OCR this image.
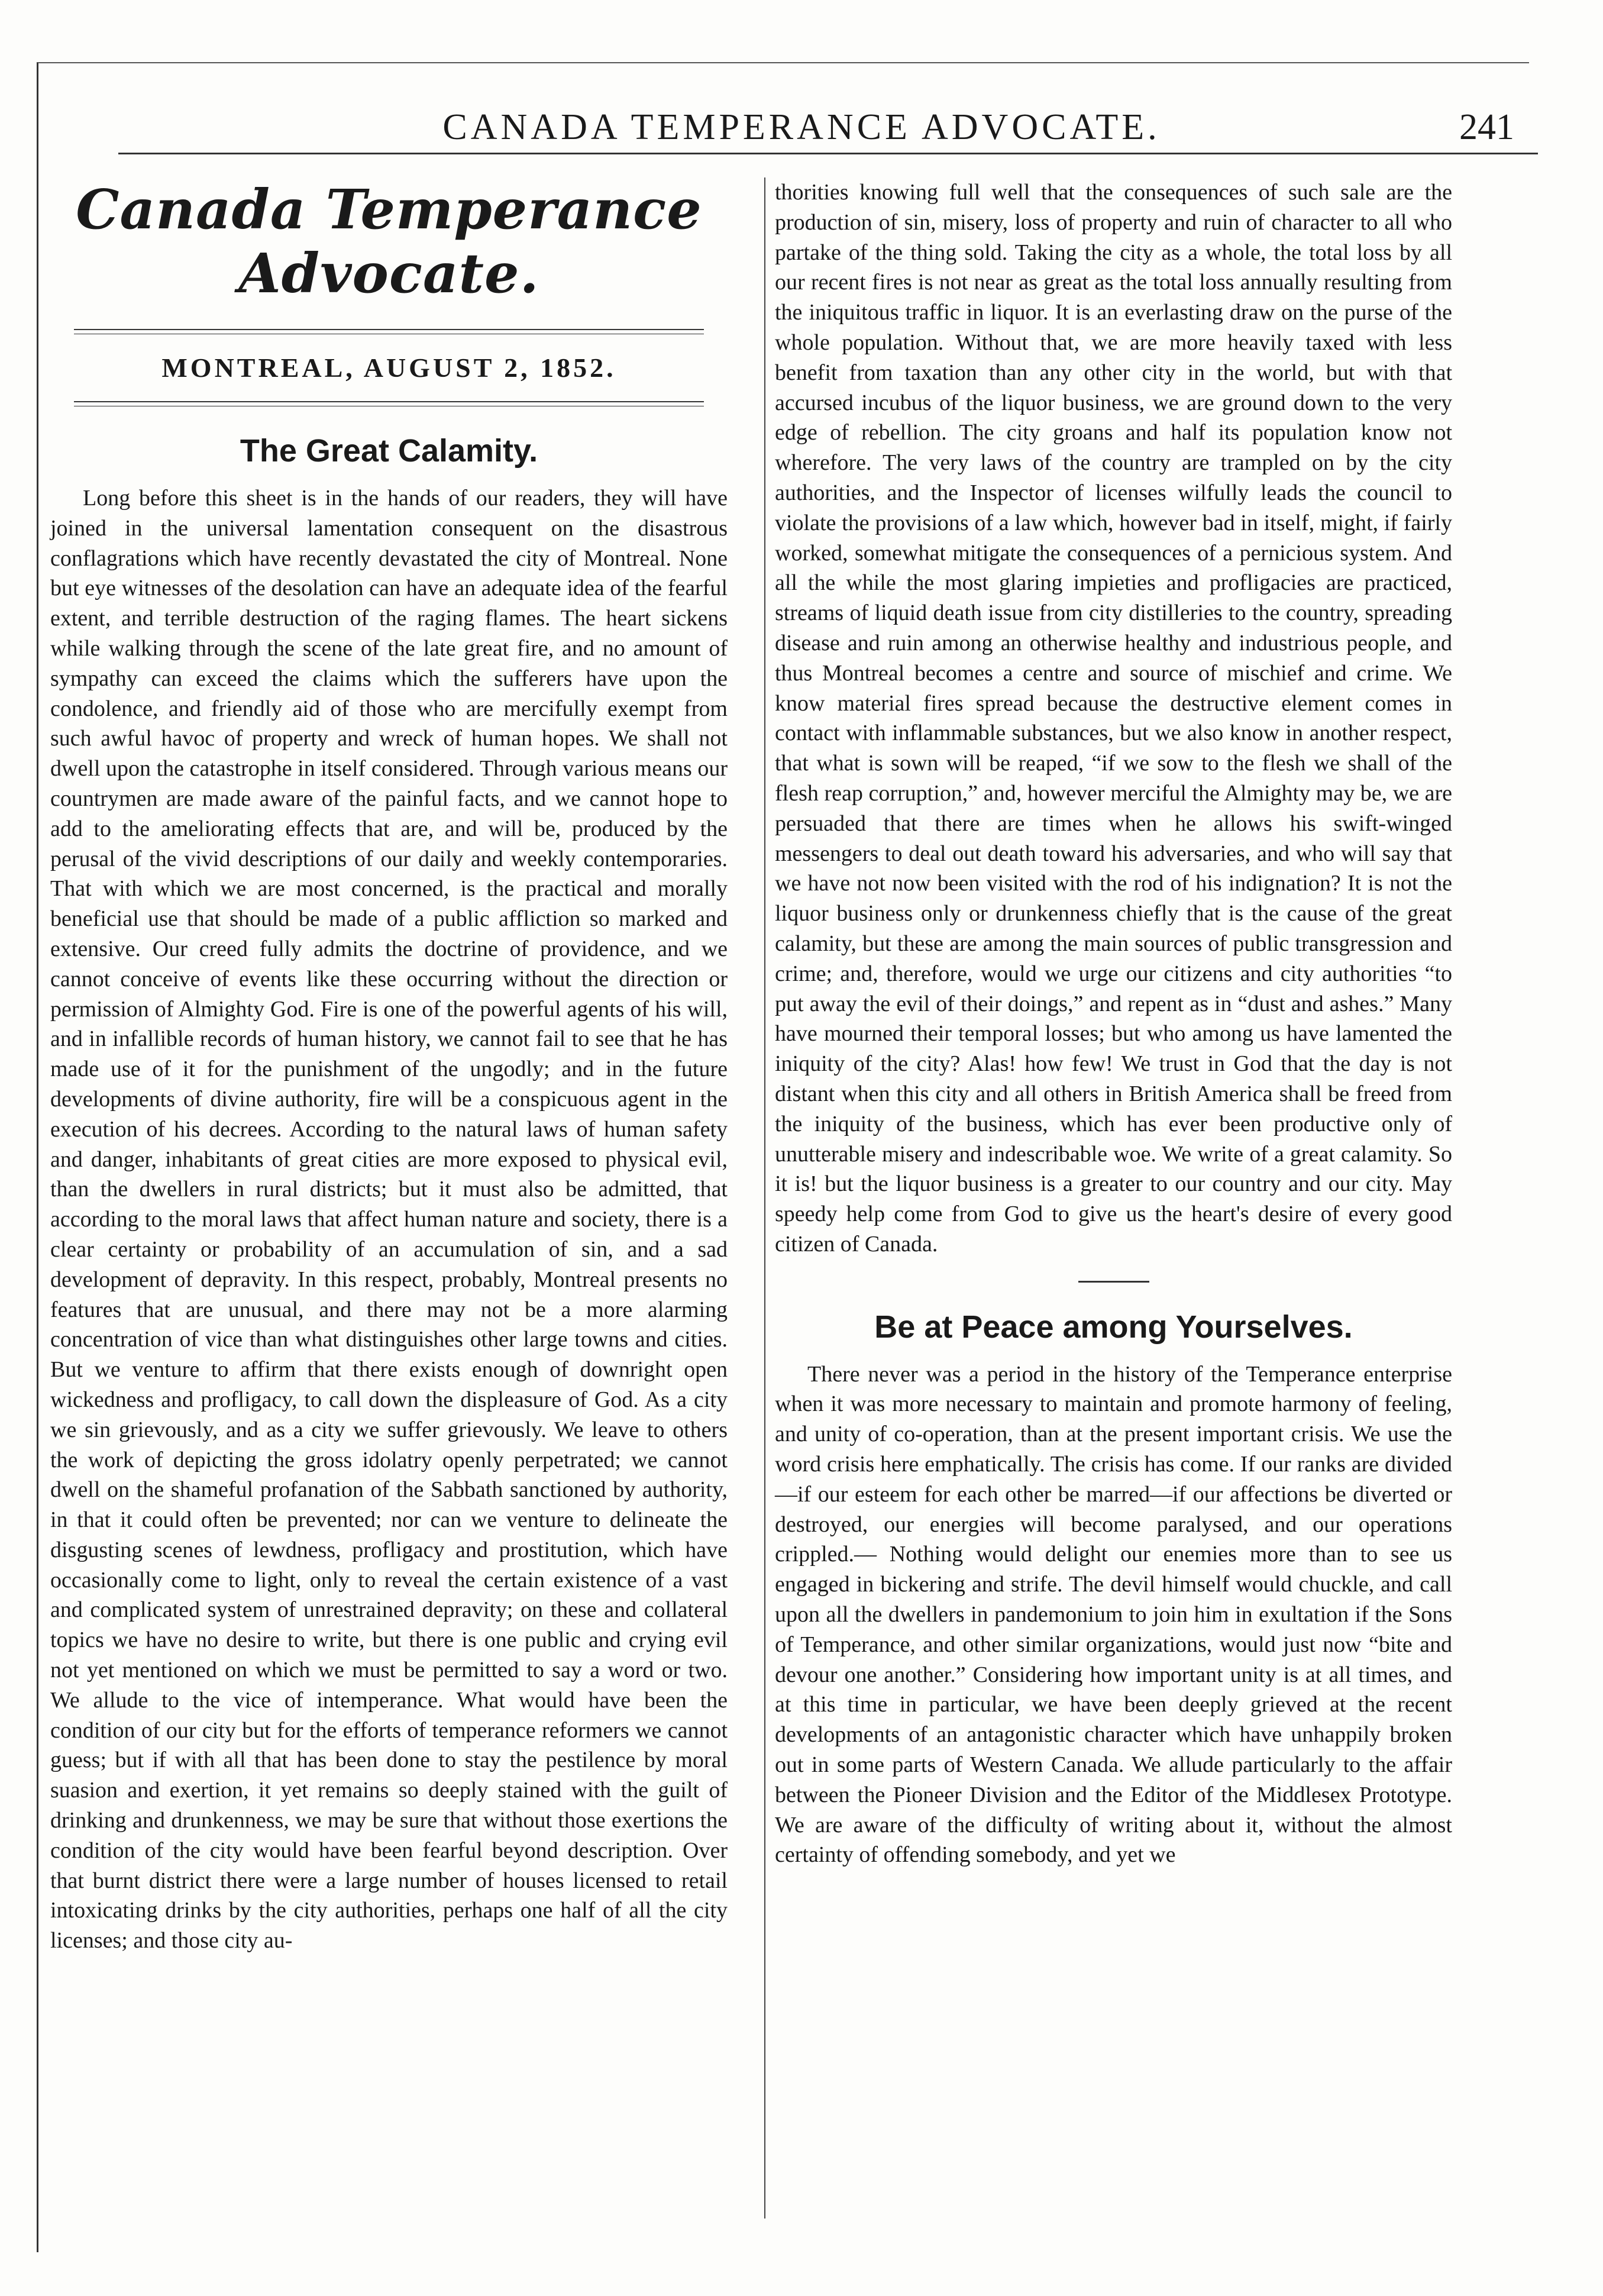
CANADA TEMPERANCE ADVOCATE.	241
Canada Temperance Advocate.
MONTREAL, AUGUST 2, 1852.
The Great Calamity.

Long before this sheet is in the hands of our readers, they will have joined in the universal lamentation consequent on the disastrous conflagrations which have recently devastated the city of Montreal. None but eye witnesses of the desolation can have an adequate idea of the fearful extent, and terrible destruction of the raging flames. The heart sickens while walking through the scene of the late great fire, and no amount of sympathy can exceed the claims which the sufferers have upon the condolence, and friendly aid of those who are mercifully exempt from such awful havoc of property and wreck of human hopes. We shall not dwell upon the catastrophe in itself considered. Through various means our countrymen are made aware of the painful facts, and we cannot hope to add to the ameliorating effects that are, and will be, produced by the perusal of the vivid descriptions of our daily and weekly contemporaries. That with which we are most concerned, is the practical and morally beneficial use that should be made of a public affliction so marked and extensive. Our creed fully admits the doctrine of providence, and we cannot conceive of events like these occurring without the direction or permission of Almighty God. Fire is one of the powerful agents of his will, and in infallible records of human history, we cannot fail to see that he has made use of it for the punishment of the ungodly; and in the future developments of divine authority, fire will be a conspicuous agent in the execution of his decrees. According to the natural laws of human safety and danger, inhabitants of great cities are more exposed to physical evil, than the dwellers in rural districts; but it must also be admitted, that according to the moral laws that affect human nature and society, there is a clear certainty or probability of an accumulation of sin, and a sad development of depravity. In this respect, probably, Montreal presents no features that are unusual, and there may not be a more alarming concentration of vice than what distinguishes other large towns and cities. But we venture to affirm that there exists enough of downright open wickedness and profligacy, to call down the displeasure of God. As a city we sin grievously, and as a city we suffer grievously. We leave to others the work of depicting the gross idolatry openly perpetrated; we cannot dwell on the shameful profanation of the Sabbath sanctioned by authority, in that it could often be prevented; nor can we venture to delineate the disgusting scenes of lewdness, profligacy and prostitution, which have occasionally come to light, only to reveal the certain existence of a vast and complicated system of unrestrained depravity; on these and collateral topics we have no desire to write, but there is one public and crying evil not yet mentioned on which we must be permitted to say a word or two. We allude to the vice of intemperance. What would have been the condition of our city but for the efforts of temperance reformers we cannot guess; but if with all that has been done to stay the pestilence by moral suasion and exertion, it yet remains so deeply stained with the guilt of drinking and drunkenness, we may be sure that without those exertions the condition of the city would have been fearful beyond description. Over that burnt district there were a large number of houses licensed to retail intoxicating drinks by the city authorities, perhaps one half of all the city licenses; and those city au-

thorities knowing full well that the consequences of such sale are the production of sin, misery, loss of property and ruin of character to all who partake of the thing sold. Taking the city as a whole, the total loss by all our recent fires is not near as great as the total loss annually resulting from the iniquitous traffic in liquor. It is an everlasting draw on the purse of the whole population. Without that, we are more heavily taxed with less benefit from taxation than any other city in the world, but with that accursed incubus of the liquor business, we are ground down to the very edge of rebellion. The city groans and half its population know not wherefore. The very laws of the country are trampled on by the city authorities, and the Inspector of licenses wilfully leads the council to violate the provisions of a law which, however bad in itself, might, if fairly worked, somewhat mitigate the consequences of a pernicious system. And all the while the most glaring impieties and profligacies are practiced, streams of liquid death issue from city distilleries to the country, spreading disease and ruin among an otherwise healthy and industrious people, and thus Montreal becomes a centre and source of mischief and crime. We know material fires spread because the destructive element comes in contact with inflammable substances, but we also know in another respect, that what is sown will be reaped, “if we sow to the flesh we shall of the flesh reap corruption,” and, however merciful the Almighty may be, we are persuaded that there are times when he allows his swift-winged messengers to deal out death toward his adversaries, and who will say that we have not now been visited with the rod of his indignation? It is not the liquor business only or drunkenness chiefly that is the cause of the great calamity, but these are among the main sources of public transgression and crime; and, therefore, would we urge our citizens and city authorities “to put away the evil of their doings,” and repent as in “dust and ashes.” Many have mourned their temporal losses; but who among us have lamented the iniquity of the city? Alas! how few! We trust in God that the day is not distant when this city and all others in British America shall be freed from the iniquity of the business, which has ever been productive only of unutterable misery and indescribable woe. We write of a great calamity. So it is! but the liquor business is a greater to our country and our city. May speedy help come from God to give us the heart's desire of every good citizen of Canada.

Be at Peace among Yourselves.

There never was a period in the history of the Temperance enterprise when it was more necessary to maintain and promote harmony of feeling, and unity of co-operation, than at the present important crisis. We use the word crisis here emphatically. The crisis has come. If our ranks are divided—if our esteem for each other be marred—if our affections be diverted or destroyed, our energies will become paralysed, and our operations crippled.— Nothing would delight our enemies more than to see us engaged in bickering and strife. The devil himself would chuckle, and call upon all the dwellers in pandemonium to join him in exultation if the Sons of Temperance, and other similar organizations, would just now “bite and devour one another.” Considering how important unity is at all times, and at this time in particular, we have been deeply grieved at the recent developments of an antagonistic character which have unhappily broken out in some parts of Western Canada. We allude particularly to the affair between the Pioneer Division and the Editor of the Middlesex Prototype. We are aware of the difficulty of writing about it, without the almost certainty of offending somebody, and yet we
